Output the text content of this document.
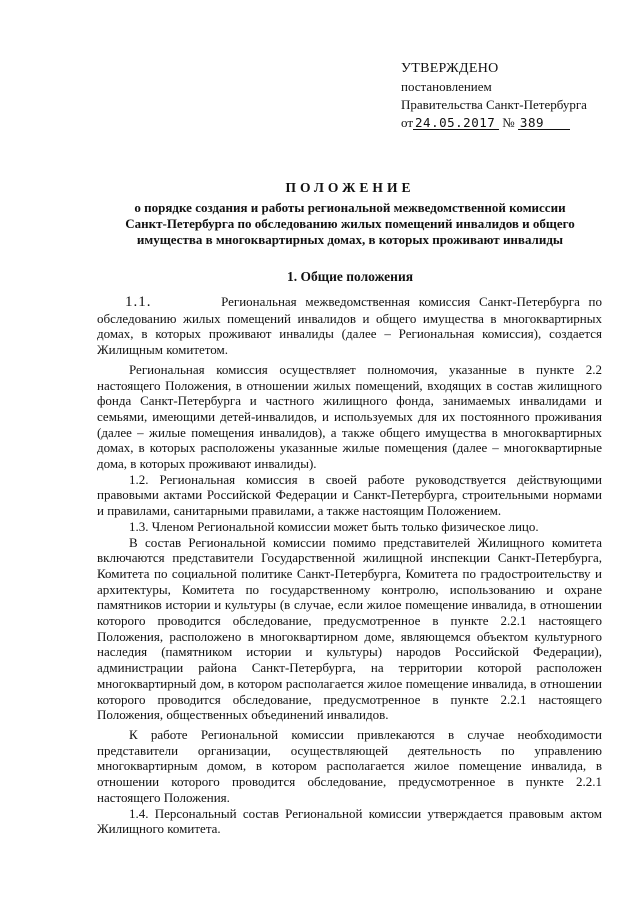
УТВЕРЖДЕНО
постановлением
Правительства Санкт-Петербурга
от 24.05.2017 № 389
ПОЛОЖЕНИЕ
о порядке создания и работы региональной межведомственной комиссии
Санкт-Петербурга по обследованию жилых помещений инвалидов и общего
имущества в многоквартирных домах, в которых проживают инвалиды
1. Общие положения

1.1.	Региональная межведомственная комиссия Санкт-Петербурга по обследованию жилых помещений инвалидов и общего имущества в многоквартирных домах, в которых проживают инвалиды (далее – Региональная комиссия), создается Жилищным комитетом.

Региональная комиссия осуществляет полномочия, указанные в пункте 2.2 настоящего Положения, в отношении жилых помещений, входящих в состав жилищного фонда Санкт-Петербурга и частного жилищного фонда, занимаемых инвалидами и семьями, имеющими детей-инвалидов, и используемых для их постоянного проживания (далее – жилые помещения инвалидов), а также общего имущества в многоквартирных домах, в которых расположены указанные жилые помещения (далее – многоквартирные дома, в которых проживают инвалиды).

1.2. Региональная комиссия в своей работе руководствуется действующими правовыми актами Российской Федерации и Санкт-Петербурга, строительными нормами и правилами, санитарными правилами, а также настоящим Положением.

1.3. Членом Региональной комиссии может быть только физическое лицо.

В состав Региональной комиссии помимо представителей Жилищного комитета включаются представители Государственной жилищной инспекции Санкт-Петербурга, Комитета по социальной политике Санкт-Петербурга, Комитета по градостроительству и архитектуры, Комитета по государственному контролю, использованию и охране памятников истории и культуры (в случае, если жилое помещение инвалида, в отношении которого проводится обследование, предусмотренное в пункте 2.2.1 настоящего Положения, расположено в многоквартирном доме, являющемся объектом культурного наследия (памятником истории и культуры) народов Российской Федерации), администрации района Санкт-Петербурга, на территории которой расположен многоквартирный дом, в котором располагается жилое помещение инвалида, в отношении которого проводится обследование, предусмотренное в пункте 2.2.1 настоящего Положения, общественных объединений инвалидов.

К работе Региональной комиссии привлекаются в случае необходимости представители организации, осуществляющей деятельность по управлению многоквартирным домом, в котором располагается жилое помещение инвалида, в отношении которого проводится обследование, предусмотренное в пункте 2.2.1 настоящего Положения.

1.4. Персональный состав Региональной комиссии утверждается правовым актом Жилищного комитета.
